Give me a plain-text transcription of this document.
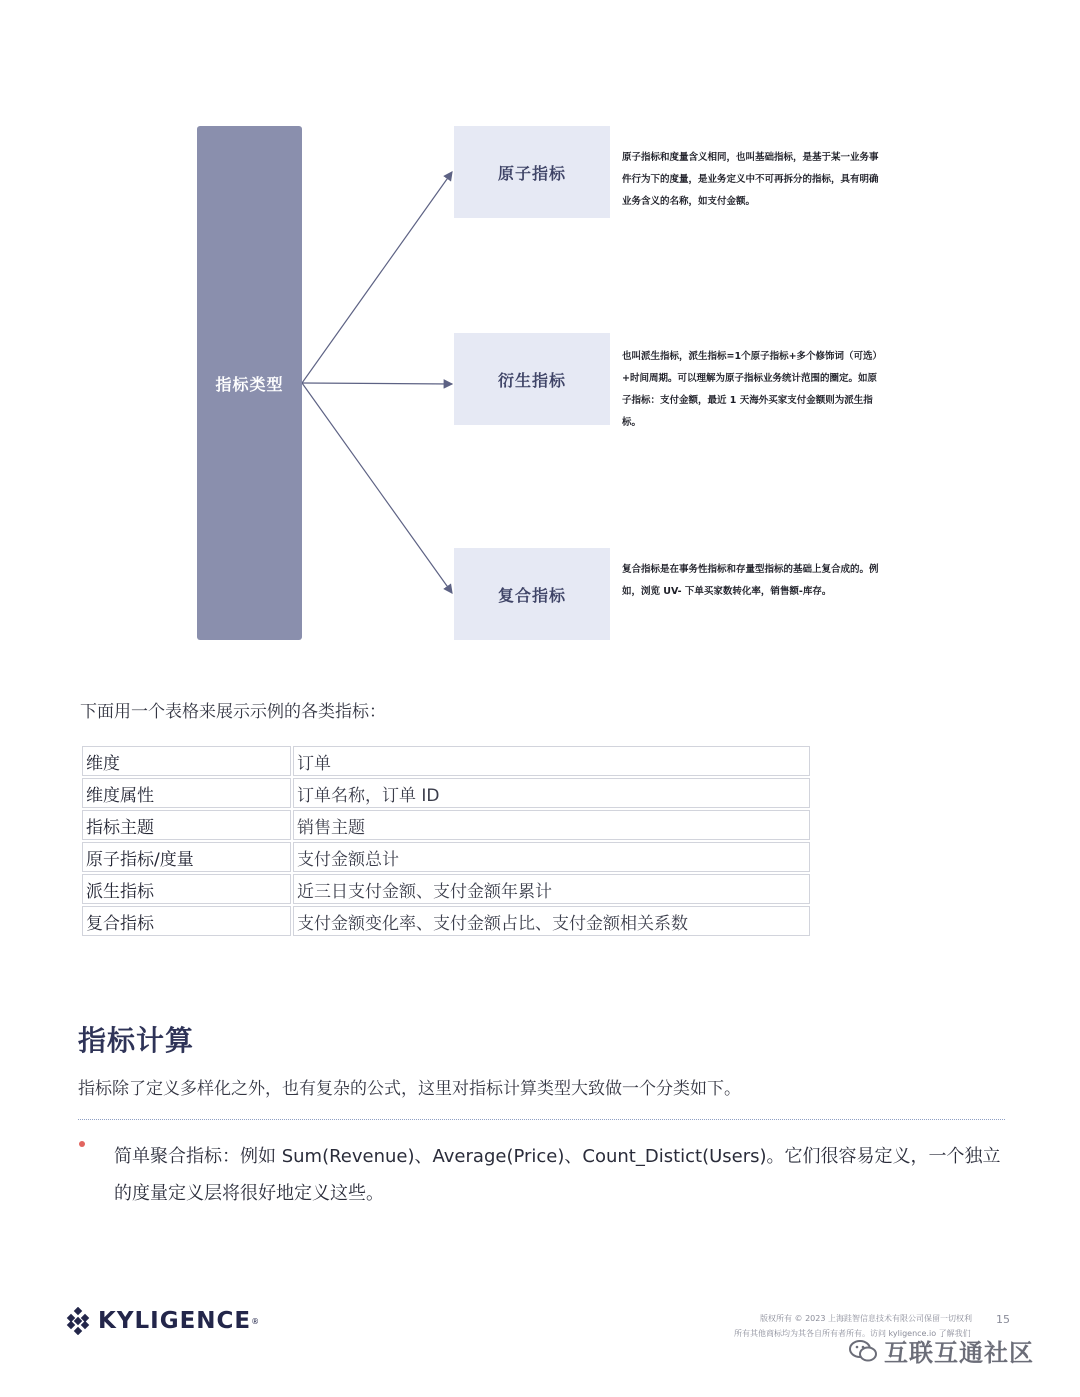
指标类型
原子指标
衍生指标
复合指标
原子指标和度量含义相同，也叫基础指标，是基于某一业务事件行为下的度量，是业务定义中不可再拆分的指标，具有明确业务含义的名称，如支付金额。
也叫派生指标，派生指标=1个原子指标+多个修饰词（可选）+时间周期。可以理解为原子指标业务统计范围的圈定。如原子指标：支付金额，最近 1 天海外买家支付金额则为派生指标。
复合指标是在事务性指标和存量型指标的基础上复合成的。例如，浏览 UV- 下单买家数转化率，销售额-库存。
下面用一个表格来展示示例的各类指标：
维度	订单
维度属性	订单名称，订单 ID
指标主题	销售主题
原子指标/度量	支付金额总计
派生指标	近三日支付金额、支付金额年累计
复合指标	支付金额变化率、支付金额占比、支付金额相关系数
指标计算
指标除了定义多样化之外，也有复杂的公式，这里对指标计算类型大致做一个分类如下。
简单聚合指标：例如 Sum(Revenue)、Average(Price)、Count_Distict(Users)。它们很容易定义，一个独立的度量定义层将很好地定义这些。
KYLIGENCE ®	版权所有 © 2023 上海跬智信息技术有限公司保留一切权利 15
所有其他商标均为其各自所有者所有。访问 kyligence.io 了解我们
互联互通社区
